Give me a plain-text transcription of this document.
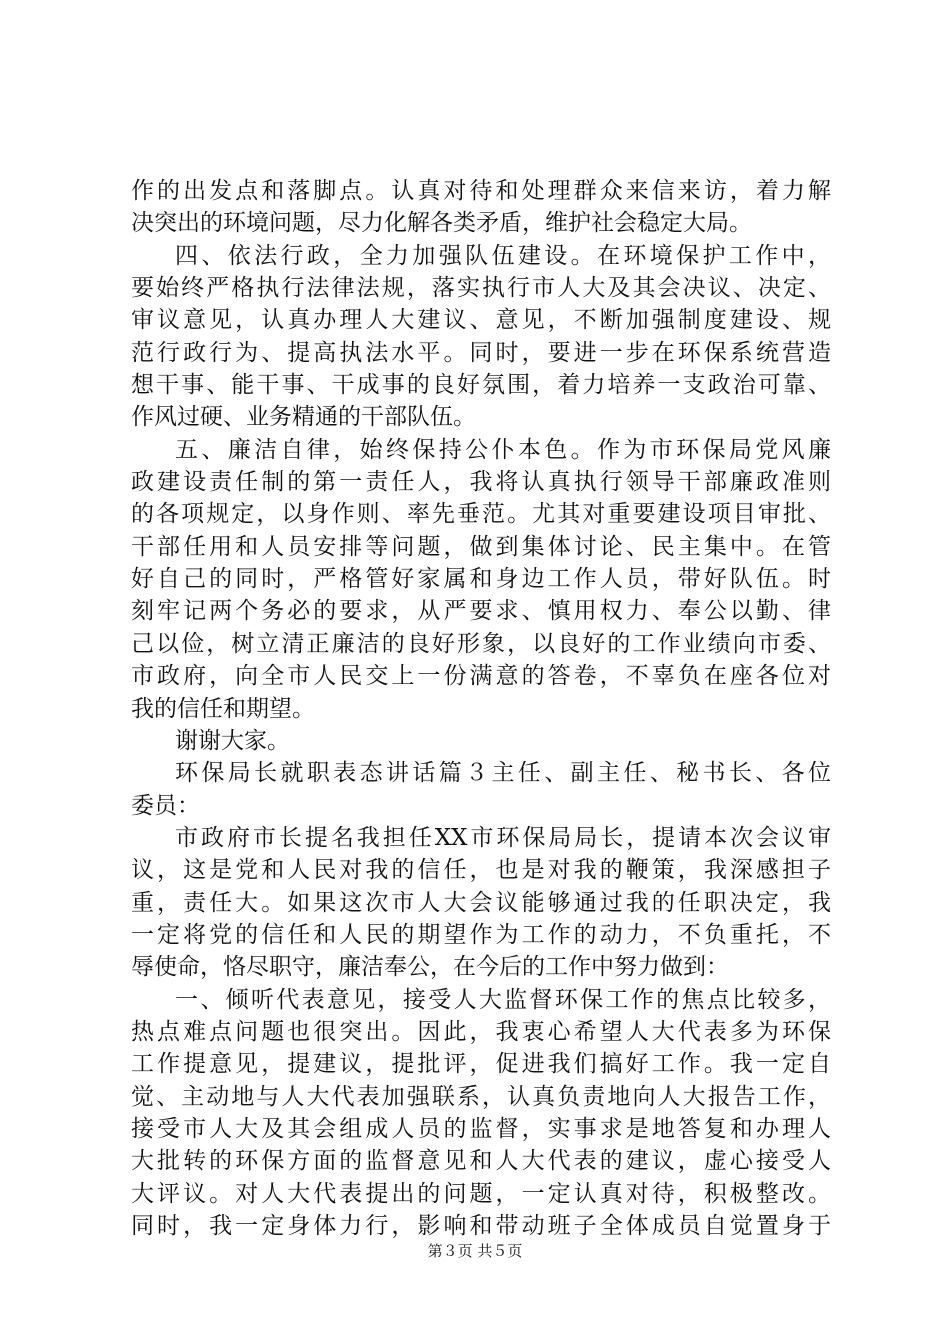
作的出发点和落脚点。认真对待和处理群众来信来访，着力解
决突出的环境问题，尽力化解各类矛盾，维护社会稳定大局。
四、依法行政，全力加强队伍建设。在环境保护工作中，
要始终严格执行法律法规，落实执行市人大及其会决议、决定、
审议意见，认真办理人大建议、意见，不断加强制度建设、规
范行政行为、提高执法水平。同时，要进一步在环保系统营造
想干事、能干事、干成事的良好氛围，着力培养一支政治可靠、
作风过硬、业务精通的干部队伍。
五、廉洁自律，始终保持公仆本色。作为市环保局党风廉
政建设责任制的第一责任人，我将认真执行领导干部廉政准则
的各项规定，以身作则、率先垂范。尤其对重要建设项目审批、
干部任用和人员安排等问题，做到集体讨论、民主集中。在管
好自己的同时，严格管好家属和身边工作人员，带好队伍。时
刻牢记两个务必的要求，从严要求、慎用权力、奉公以勤、律
己以俭，树立清正廉洁的良好形象，以良好的工作业绩向市委、
市政府，向全市人民交上一份满意的答卷，不辜负在座各位对
我的信任和期望。
谢谢大家。
环保局长就职表态讲话篇３主任、副主任、秘书长、各位
委员：
市政府市长提名我担任XX市环保局局长，提请本次会议审
议，这是党和人民对我的信任，也是对我的鞭策，我深感担子
重，责任大。如果这次市人大会议能够通过我的任职决定，我
一定将党的信任和人民的期望作为工作的动力，不负重托，不
辱使命，恪尽职守，廉洁奉公，在今后的工作中努力做到：
一、倾听代表意见，接受人大监督环保工作的焦点比较多，
热点难点问题也很突出。因此，我衷心希望人大代表多为环保
工作提意见，提建议，提批评，促进我们搞好工作。我一定自
觉、主动地与人大代表加强联系，认真负责地向人大报告工作，
接受市人大及其会组成人员的监督，实事求是地答复和办理人
大批转的环保方面的监督意见和人大代表的建议，虚心接受人
大评议。对人大代表提出的问题，一定认真对待，积极整改。
同时，我一定身体力行，影响和带动班子全体成员自觉置身于
第３页 共５页
